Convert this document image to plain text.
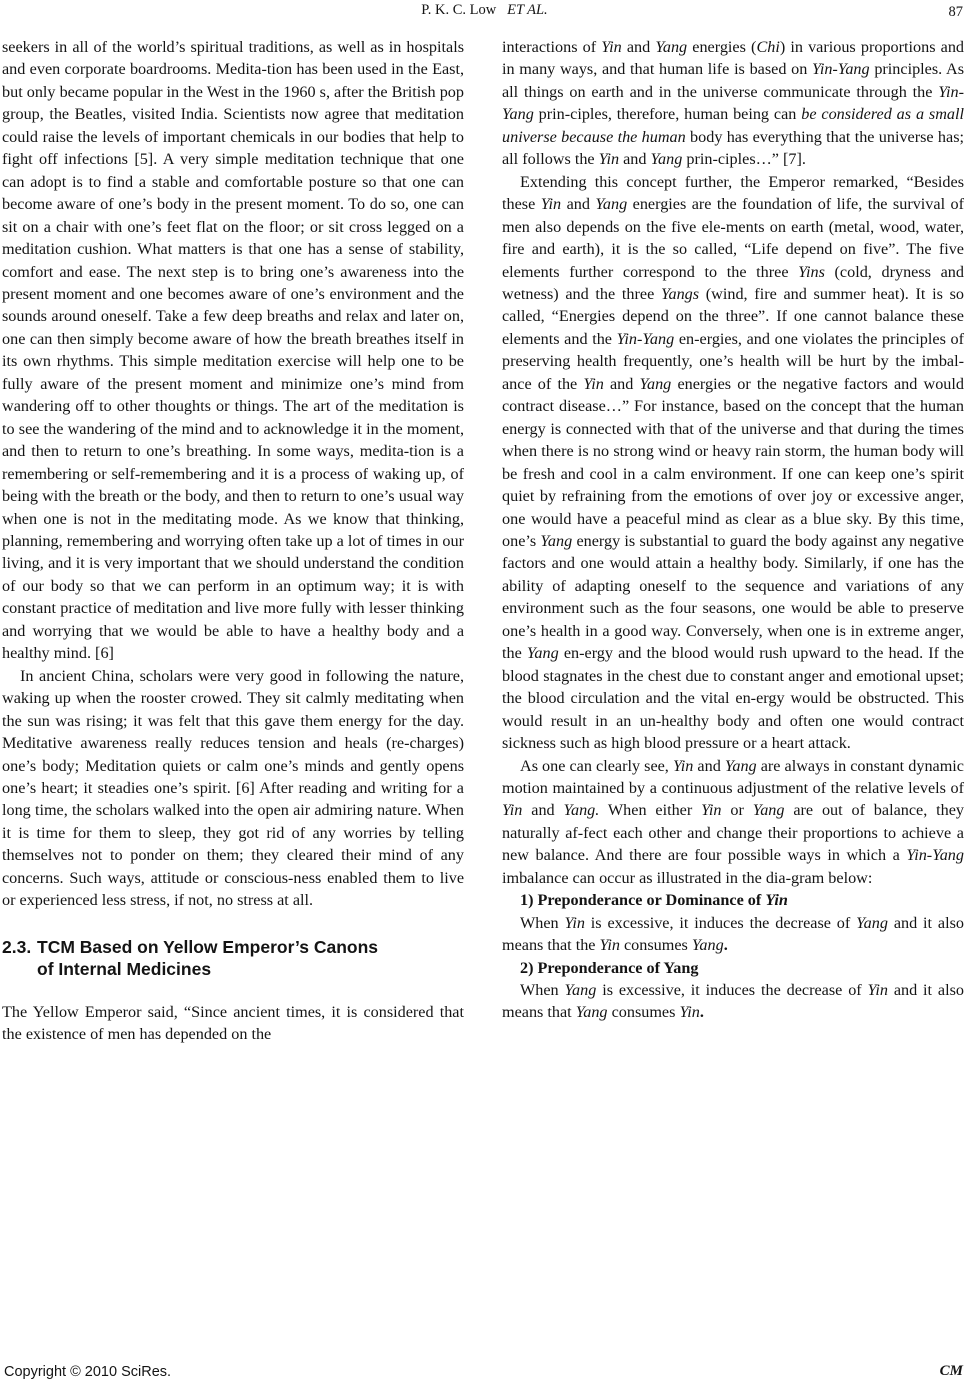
P. K. C. Low ET AL.	87

seekers in all of the world’s spiritual traditions, as well as in hospitals and even corporate boardrooms. Medita-tion has been used in the East, but only became popular in the West in the 1960 s, after the British pop group, the Beatles, visited India. Scientists now agree that meditation could raise the levels of important chemicals in our bodies that help to fight off infections [5]. A very simple meditation technique that one can adopt is to find a stable and comfortable posture so that one can become aware of one’s body in the present moment. To do so, one can sit on a chair with one’s feet flat on the floor; or sit cross legged on a meditation cushion. What matters is that one has a sense of stability, comfort and ease. The next step is to bring one’s awareness into the present moment and one becomes aware of one’s environment and the sounds around oneself. Take a few deep breaths and relax and later on, one can then simply become aware of how the breath breathes itself in its own rhythms. This simple meditation exercise will help one to be fully aware of the present moment and minimize one’s mind from wandering off to other thoughts or things. The art of the meditation is to see the wandering of the mind and to acknowledge it in the moment, and then to return to one’s breathing. In some ways, medita-tion is a remembering or self-remembering and it is a process of waking up, of being with the breath or the body, and then to return to one’s usual way when one is not in the meditating mode. As we know that thinking, planning, remembering and worrying often take up a lot of times in our living, and it is very important that we should understand the condition of our body so that we can perform in an optimum way; it is with constant practice of meditation and live more fully with lesser thinking and worrying that we would be able to have a healthy body and a healthy mind. [6]

In ancient China, scholars were very good in following the nature, waking up when the rooster crowed. They sit calmly meditating when the sun was rising; it was felt that this gave them energy for the day. Meditative awareness really reduces tension and heals (re-charges) one’s body; Meditation quiets or calm one’s minds and gently opens one’s heart; it steadies one’s spirit. [6] After reading and writing for a long time, the scholars walked into the open air admiring nature. When it is time for them to sleep, they got rid of any worries by telling themselves not to ponder on them; they cleared their mind of any concerns. Such ways, attitude or conscious-ness enabled them to live or experienced less stress, if not, no stress at all.

2.3. TCM Based on Yellow Emperor’s Canons
of Internal Medicines

The Yellow Emperor said, “Since ancient times, it is considered that the existence of men has depended on the

interactions of Yin and Yang energies (Chi) in various proportions and in many ways, and that human life is based on Yin-Yang principles. As all things on earth and in the universe communicate through the Yin-Yang prin-ciples, therefore, human being can be considered as a small universe because the human body has everything that the universe has; all follows the Yin and Yang prin-ciples…” [7].

Extending this concept further, the Emperor remarked, “Besides these Yin and Yang energies are the foundation of life, the survival of men also depends on the five ele-ments on earth (metal, wood, water, fire and earth), it is the so called, “Life depend on five”. The five elements further correspond to the three Yins (cold, dryness and wetness) and the three Yangs (wind, fire and summer heat). It is so called, “Energies depend on the three”. If one cannot balance these elements and the Yin-Yang en-ergies, and one violates the principles of preserving health frequently, one’s health will be hurt by the imbal-ance of the Yin and Yang energies or the negative factors and would contract disease…” For instance, based on the concept that the human energy is connected with that of the universe and that during the times when there is no strong wind or heavy rain storm, the human body will be fresh and cool in a calm environment. If one can keep one’s spirit quiet by refraining from the emotions of over joy or excessive anger, one would have a peaceful mind as clear as a blue sky. By this time, one’s Yang energy is substantial to guard the body against any negative factors and one would attain a healthy body. Similarly, if one has the ability of adapting oneself to the sequence and variations of any environment such as the four seasons, one would be able to preserve one’s health in a good way. Conversely, when one is in extreme anger, the Yang en-ergy and the blood would rush upward to the head. If the blood stagnates in the chest due to constant anger and emotional upset; the blood circulation and the vital en-ergy would be obstructed. This would result in an un-healthy body and often one would contract sickness such as high blood pressure or a heart attack.

As one can clearly see, Yin and Yang are always in constant dynamic motion maintained by a continuous adjustment of the relative levels of Yin and Yang. When either Yin or Yang are out of balance, they naturally af-fect each other and change their proportions to achieve a new balance. And there are four possible ways in which a Yin-Yang imbalance can occur as illustrated in the dia-gram below:

1) Preponderance or Dominance of Yin

When Yin is excessive, it induces the decrease of Yang and it also means that the Yin consumes Yang.

2) Preponderance of Yang

When Yang is excessive, it induces the decrease of Yin and it also means that Yang consumes Yin.

Copyright © 2010 SciRes.	CM
